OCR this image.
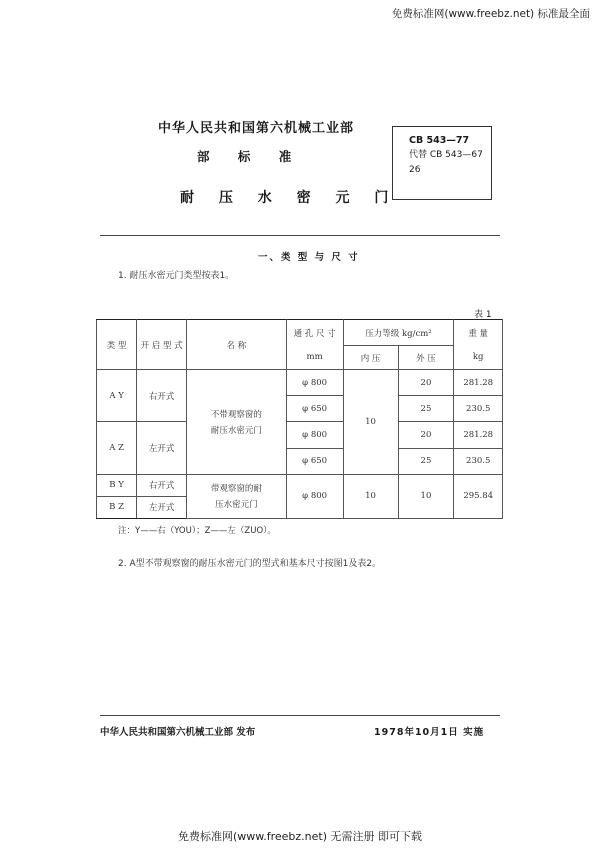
免费标准网(www.freebz.net) 标准最全面
中华人民共和国第六机械工业部
部 标 准
耐 压 水 密 元 门
CB 543—77
代替 CB 543—67
26
一、类 型 与 尺 寸
1. 耐压水密元门类型按表1。
表 1
类 型	开 启 型 式	名 称	通 孔 尺 寸	压力等级 kg/cm²		重 量
			mm	内 压	外 压	kg
A Y	右开式	不带观察窗的
耐压水密元门	φ 800	10	20	281.28
			φ 650		25	230.5
A Z	左开式		φ 800		20	281.28
			φ 650		25	230.5
B Y	右开式	带观察窗的耐
压水密元门	φ 800	10	10	295.84
B Z	左开式					
注：Y——右（YOU）；Z——左（ZUO）。
2. A型不带观察窗的耐压水密元门的型式和基本尺寸按图1及表2。
中华人民共和国第六机械工业部 发布	1978年10月1日 实施
免费标准网(www.freebz.net) 无需注册 即可下载
